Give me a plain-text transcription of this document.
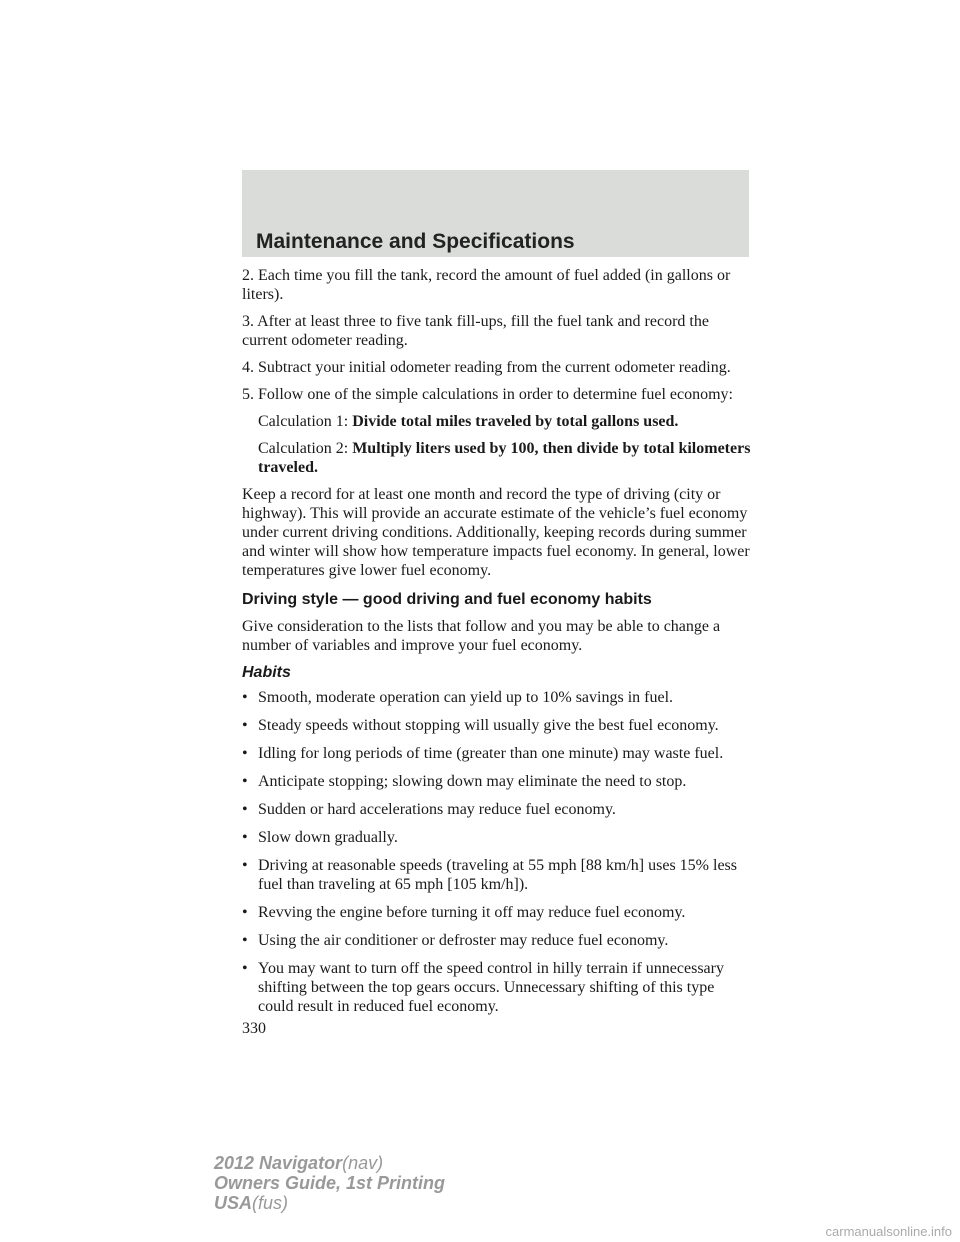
Maintenance and Specifications

2. Each time you fill the tank, record the amount of fuel added (in gallons or liters).

3. After at least three to five tank fill-ups, fill the fuel tank and record the current odometer reading.

4. Subtract your initial odometer reading from the current odometer reading.

5. Follow one of the simple calculations in order to determine fuel economy:

Calculation 1: Divide total miles traveled by total gallons used.
Calculation 2: Multiply liters used by 100, then divide by total kilometers traveled.

Keep a record for at least one month and record the type of driving (city or highway). This will provide an accurate estimate of the vehicle’s fuel economy under current driving conditions. Additionally, keeping records during summer and winter will show how temperature impacts fuel economy. In general, lower temperatures give lower fuel economy.

Driving style — good driving and fuel economy habits

Give consideration to the lists that follow and you may be able to change a number of variables and improve your fuel economy.

Habits
• Smooth, moderate operation can yield up to 10% savings in fuel.
• Steady speeds without stopping will usually give the best fuel economy.
• Idling for long periods of time (greater than one minute) may waste fuel.
• Anticipate stopping; slowing down may eliminate the need to stop.
• Sudden or hard accelerations may reduce fuel economy.
• Slow down gradually.
• Driving at reasonable speeds (traveling at 55 mph [88 km/h] uses 15% less fuel than traveling at 65 mph [105 km/h]).
• Revving the engine before turning it off may reduce fuel economy.
• Using the air conditioner or defroster may reduce fuel economy.
• You may want to turn off the speed control in hilly terrain if unnecessary shifting between the top gears occurs. Unnecessary shifting of this type could result in reduced fuel economy.
330
2012 Navigator(nav)
Owners Guide, 1st Printing
USA(fus)
carmanualsonline.info
